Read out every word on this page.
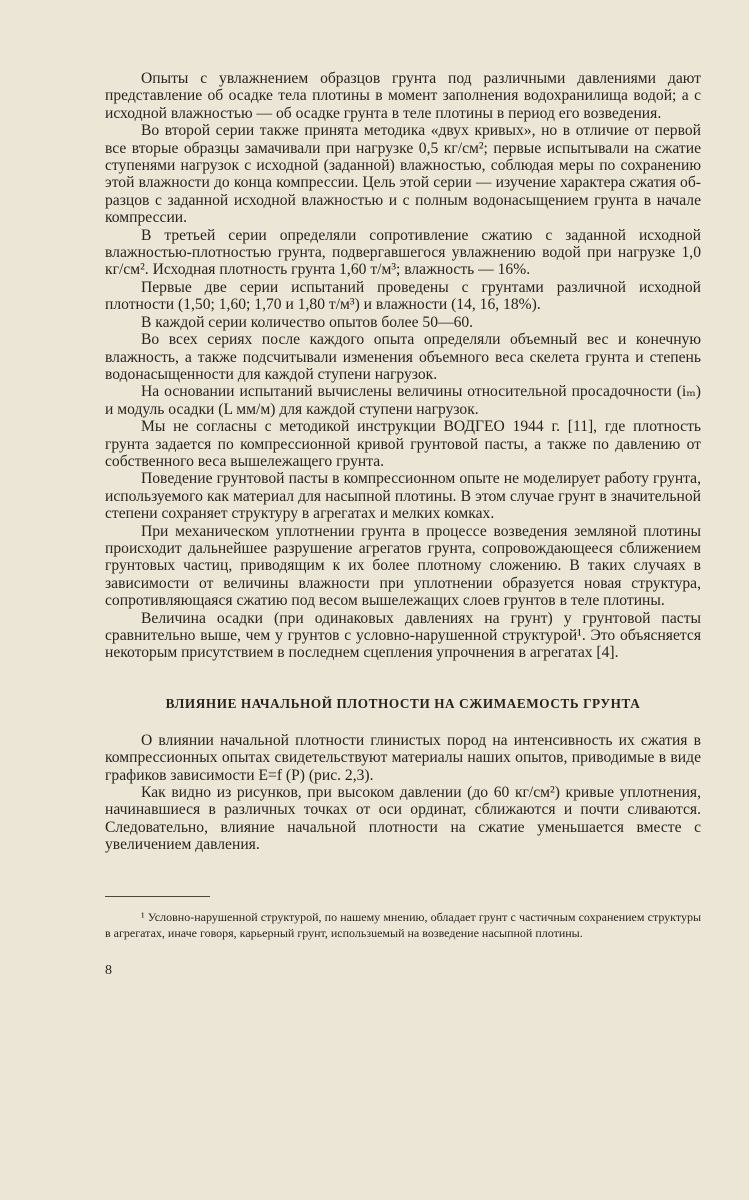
Опыты с увлажнением образцов грунта под различными давлениями дают представление об осадке тела плотины в момент заполнения водохранилища водой; а с исходной влажностью — об осадке грунта в теле плотины в период его возведения.

Во второй серии также принята методика «двух кривых», но в отличие от первой все вторые образцы замачивали при нагрузке 0,5 кг/см²; первые испытывали на сжатие ступенями нагрузок с исходной (заданной) влажностью, соблюдая меры по сохранению этой влажности до конца компрессии. Цель этой серии — изучение характера сжатия образцов с заданной исходной влажностью и с полным водонасыщением грунта в начале компрессии.

В третьей серии определяли сопротивление сжатию с заданной исходной влажностью-плотностью грунта, подвергавшегося увлажнению водой при нагрузке 1,0 кг/см². Исходная плотность грунта 1,60 т/м³; влажность — 16%.

Первые две серии испытаний проведены с грунтами различной исходной плотности (1,50; 1,60; 1,70 и 1,80 т/м³) и влажности (14, 16, 18%).

В каждой серии количество опытов более 50—60.

Во всех сериях после каждого опыта определяли объемный вес и конечную влажность, а также подсчитывали изменения объемного веса скелета грунта и степень водонасыщенности для каждой ступени нагрузок.

На основании испытаний вычислены величины относительной просадочности (iₘ) и модуль осадки (L мм/м) для каждой ступени нагрузок.

Мы не согласны с методикой инструкции ВОДГЕО 1944 г. [11], где плотность грунта задается по компрессионной кривой грунтовой пасты, а также по давлению от собственного веса вышележащего грунта.

Поведение грунтовой пасты в компрессионном опыте не моделирует работу грунта, используемого как материал для насыпной плотины. В этом случае грунт в значительной степени сохраняет структуру в агрегатах и мелких комках.

При механическом уплотнении грунта в процессе возведения земляной плотины происходит дальнейшее разрушение агрегатов грунта, сопровождающееся сближением грунтовых частиц, приводящим к их более плотному сложению. В таких случаях в зависимости от величины влажности при уплотнении образуется новая структура, сопротивляющаяся сжатию под весом вышележащих слоев грунтов в теле плотины.

Величина осадки (при одинаковых давлениях на грунт) у грунтовой пасты сравнительно выше, чем у грунтов с условно-нарушенной структурой¹. Это объясняется некоторым присутствием в последнем сцепления упрочнения в агрегатах [4].

ВЛИЯНИЕ НАЧАЛЬНОЙ ПЛОТНОСТИ НА СЖИМАЕМОСТЬ ГРУНТА

О влиянии начальной плотности глинистых пород на интенсивность их сжатия в компрессионных опытах свидетельствуют материалы наших опытов, приводимые в виде графиков зависимости E=f (P) (рис. 2,3).

Как видно из рисунков, при высоком давлении (до 60 кг/см²) кривые уплотнения, начинавшиеся в различных точках от оси ординат, сближаются и почти сливаются. Следовательно, влияние начальной плотности на сжатие уменьшается вместе с увеличением давления.

¹ Условно-нарушенной структурой, по нашему мнению, обладает грунт с частичным сохранением структуры в агрегатах, иначе говоря, карьерный грунт, использueмый на возведение насыпной плотины.

8
